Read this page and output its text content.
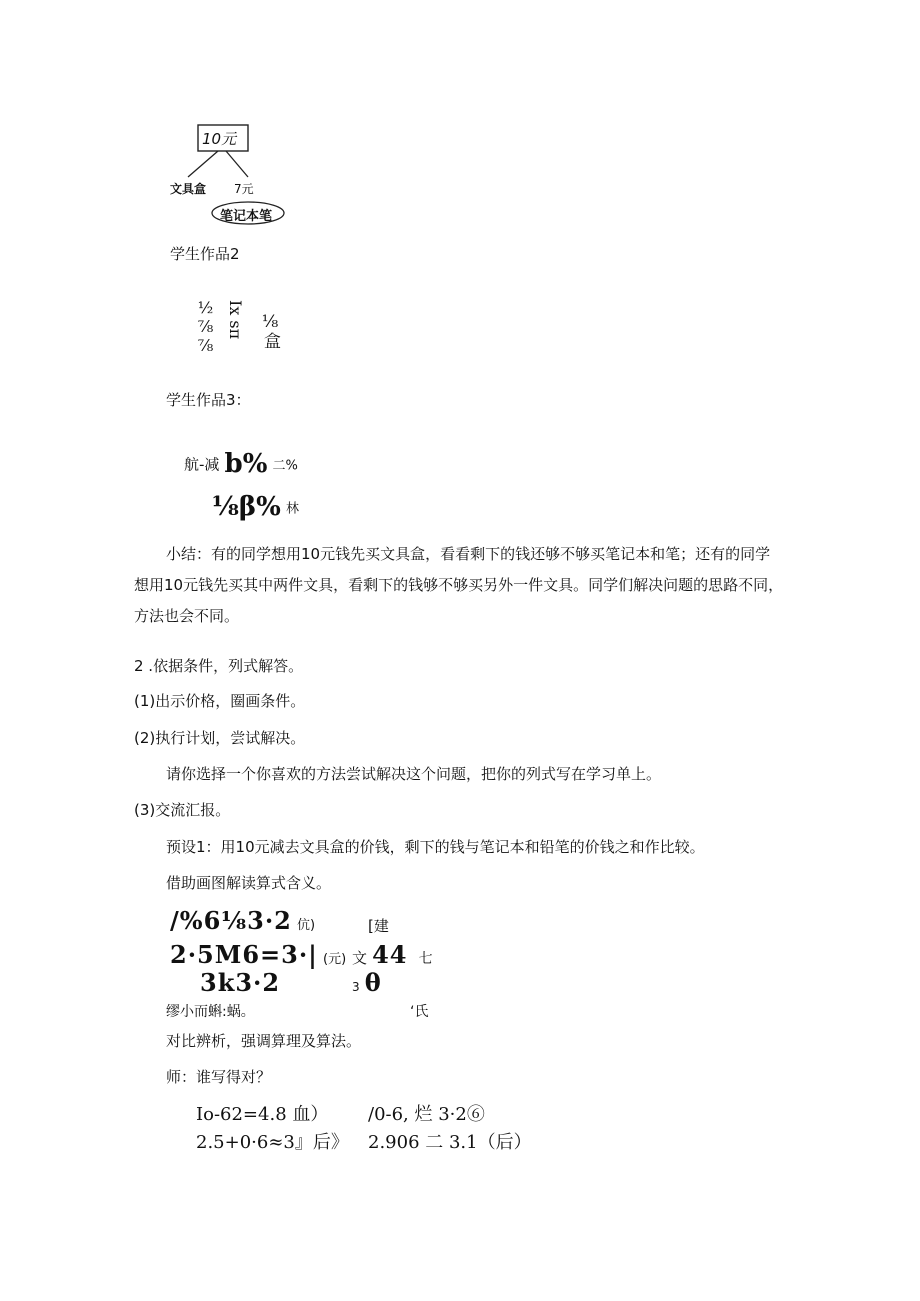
10元
文具盒 7元
笔记本笔
学生作品2
½⅞⅞ Ix sπ ⅛盒
学生作品3：
航-减 b% 二%
⅛β% 林
小结：有的同学想用10元钱先买文具盒，看看剩下的钱还够不够买笔记本和笔；还有的同学
想用10元钱先买其中两件文具，看剩下的钱够不够买另外一件文具。同学们解决问题的思路不同，
方法也会不同。
2 .依据条件，列式解答。
(1)出示价格，圈画条件。
(2)执行计划，尝试解决。
请你选择一个你喜欢的方法尝试解决这个问题，把你的列式写在学习单上。
(3)交流汇报。
预设1：用10元减去文具盒的价钱，剩下的钱与笔记本和铅笔的价钱之和作比较。
借助画图解读算式含义。
/%6⅛3·2 伉)	[建
2·5M6=3·| (元) 文 44 七
3k3·2	3 θ
缪小而蝌:蜗。	‘氏
对比辨析，强调算理及算法。
师：谁写得对？
Io-62=4.8 血） /0-6, 烂 3·2⑥
2.5+0·6≈3』后》 2.906 二 3.1（后）
